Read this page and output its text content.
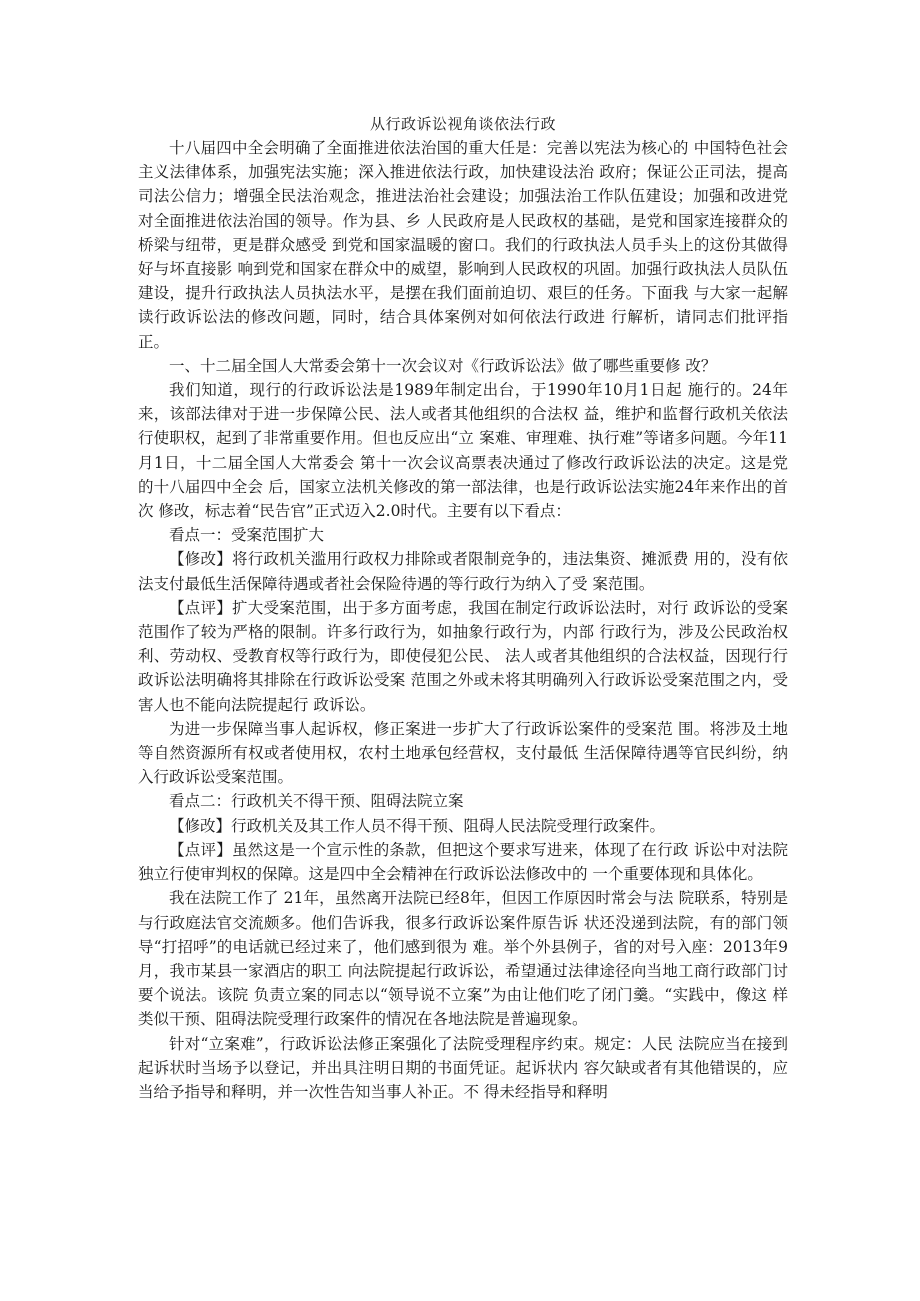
从行政诉讼视角谈依法行政

十八届四中全会明确了全面推进依法治国的重大任是：完善以宪法为核心的 中国特色社会主义法律体系，加强宪法实施；深入推进依法行政，加快建设法治 政府；保证公正司法，提高司法公信力；增强全民法治观念，推进法治社会建设；加强法治工作队伍建设；加强和改进党对全面推进依法治国的领导。作为县、乡 人民政府是人民政权的基础，是党和国家连接群众的桥梁与纽带，更是群众感受 到党和国家温暖的窗口。我们的行政执法人员手头上的这份其做得好与坏直接影 响到党和国家在群众中的威望，影响到人民政权的巩固。加强行政执法人员队伍 建设，提升行政执法人员执法水平，是摆在我们面前迫切、艰巨的任务。下面我 与大家一起解读行政诉讼法的修改问题，同时，结合具体案例对如何依法行政进 行解析，请同志们批评指正。

一、十二届全国人大常委会第十一次会议对《行政诉讼法》做了哪些重要修 改？

我们知道，现行的行政诉讼法是1989年制定出台，于1990年10月1日起 施行的。24年来，该部法律对于进一步保障公民、法人或者其他组织的合法权 益，维护和监督行政机关依法行使职权，起到了非常重要作用。但也反应出“立 案难、审理难、执行难”等诸多问题。今年11月1日，十二届全国人大常委会 第十一次会议高票表决通过了修改行政诉讼法的决定。这是党的十八届四中全会 后，国家立法机关修改的第一部法律，也是行政诉讼法实施24年来作出的首次 修改，标志着“民告官”正式迈入2.0时代。主要有以下看点：

看点一：受案范围扩大

【修改】将行政机关滥用行政权力排除或者限制竞争的，违法集资、摊派费 用的，没有依法支付最低生活保障待遇或者社会保险待遇的等行政行为纳入了受 案范围。

【点评】扩大受案范围，出于多方面考虑，我国在制定行政诉讼法时，对行 政诉讼的受案范围作了较为严格的限制。许多行政行为，如抽象行政行为，内部 行政行为，涉及公民政治权利、劳动权、受教育权等行政行为，即使侵犯公民、 法人或者其他组织的合法权益，因现行行政诉讼法明确将其排除在行政诉讼受案 范围之外或未将其明确列入行政诉讼受案范围之内，受害人也不能向法院提起行 政诉讼。

为进一步保障当事人起诉权，修正案进一步扩大了行政诉讼案件的受案范 围。将涉及土地等自然资源所有权或者使用权，农村土地承包经营权，支付最低 生活保障待遇等官民纠纷，纳入行政诉讼受案范围。

看点二：行政机关不得干预、阻碍法院立案

【修改】行政机关及其工作人员不得干预、阻碍人民法院受理行政案件。

【点评】虽然这是一个宣示性的条款，但把这个要求写进来，体现了在行政 诉讼中对法院独立行使审判权的保障。这是四中全会精神在行政诉讼法修改中的 一个重要体现和具体化。

我在法院工作了 21年，虽然离开法院已经8年，但因工作原因时常会与法 院联系，特别是与行政庭法官交流颇多。他们告诉我，很多行政诉讼案件原告诉 状还没递到法院，有的部门领导“打招呼”的电话就已经过来了，他们感到很为 难。举个外县例子，省的对号入座：2013年9月，我市某县一家酒店的职工 向法院提起行政诉讼，希望通过法律途径向当地工商行政部门讨要个说法。该院 负责立案的同志以“领导说不立案”为由让他们吃了闭门羹。“实践中，像这 样类似干预、阻碍法院受理行政案件的情况在各地法院是普遍现象。

针对“立案难”，行政诉讼法修正案强化了法院受理程序约束。规定：人民 法院应当在接到起诉状时当场予以登记，并出具注明日期的书面凭证。起诉状内 容欠缺或者有其他错误的，应当给予指导和释明，并一次性告知当事人补正。不 得未经指导和释明
